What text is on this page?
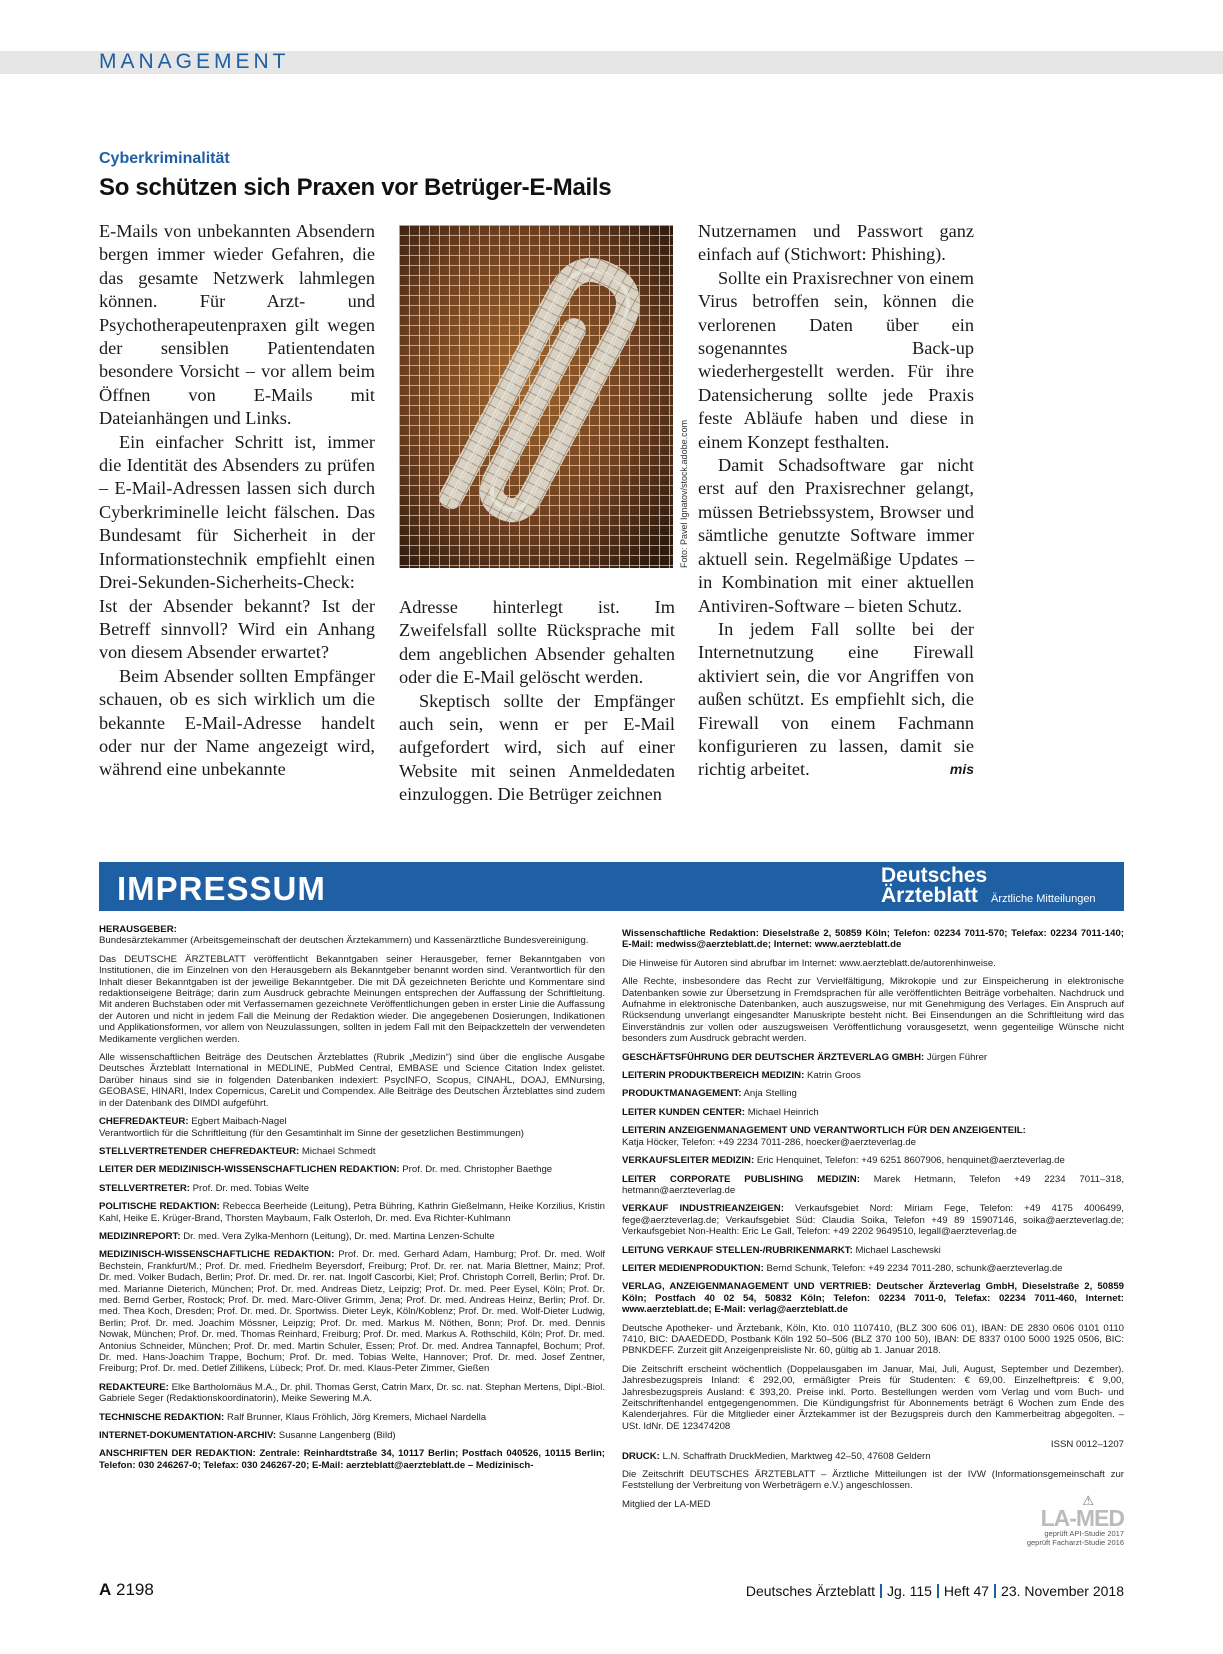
MANAGEMENT
Cyberkriminalität
So schützen sich Praxen vor Betrüger-E-Mails

E-Mails von unbekannten Absendern bergen immer wieder Gefahren, die das gesamte Netzwerk lahmlegen können. Für Arzt- und Psychotherapeutenpraxen gilt wegen der sensiblen Patientendaten besondere Vorsicht – vor allem beim Öffnen von E-Mails mit Dateianhängen und Links.

Ein einfacher Schritt ist, immer die Identität des Absenders zu prüfen – E-Mail-Adressen lassen sich durch Cyberkriminelle leicht fälschen. Das Bundesamt für Sicherheit in der Informationstechnik empfiehlt einen Drei-Sekunden-Sicherheits-Check: Ist der Absender bekannt? Ist der Betreff sinnvoll? Wird ein Anhang von diesem Absender erwartet?

Beim Absender sollten Empfänger schauen, ob es sich wirklich um die bekannte E-Mail-Adresse handelt oder nur der Name angezeigt wird, während eine unbekannte

Foto: Pavel Ignatov/stock.adobe.com

Adresse hinterlegt ist. Im Zweifelsfall sollte Rücksprache mit dem angeblichen Absender gehalten oder die E-Mail gelöscht werden.

Skeptisch sollte der Empfänger auch sein, wenn er per E-Mail aufgefordert wird, sich auf einer Website mit seinen Anmeldedaten einzuloggen. Die Betrüger zeichnen

Nutzernamen und Passwort ganz einfach auf (Stichwort: Phishing).

Sollte ein Praxisrechner von einem Virus betroffen sein, können die verlorenen Daten über ein sogenanntes Back-up wiederhergestellt werden. Für ihre Datensicherung sollte jede Praxis feste Abläufe haben und diese in einem Konzept festhalten.

Damit Schadsoftware gar nicht erst auf den Praxisrechner gelangt, müssen Betriebssystem, Browser und sämtliche genutzte Software immer aktuell sein. Regelmäßige Updates – in Kombination mit einer aktuellen Antiviren-Software – bieten Schutz.

In jedem Fall sollte bei der Internetnutzung eine Firewall aktiviert sein, die vor Angriffen von außen schützt. Es empfiehlt sich, die Firewall von einem Fachmann konfigurieren zu lassen, damit sie richtig arbeitet.	mis

IMPRESSUM	Deutsches
Ärzteblatt	Ärztliche Mitteilungen

HERAUSGEBER:
Bundesärztekammer (Arbeitsgemeinschaft der deutschen Ärztekammern) und Kassenärztliche Bundesvereinigung.

Das DEUTSCHE ÄRZTEBLATT veröffentlicht Bekanntgaben seiner Herausgeber, ferner Bekanntgaben von Institutionen, die im Einzelnen von den Herausgebern als Bekanntgeber benannt worden sind. Verantwortlich für den Inhalt dieser Bekanntgaben ist der jeweilige Bekanntgeber. Die mit DÄ gezeichneten Berichte und Kommentare sind redaktionseigene Beiträge; darin zum Ausdruck gebrachte Meinungen entsprechen der Auffassung der Schriftleitung. Mit anderen Buchstaben oder mit Verfassernamen gezeichnete Veröffentlichungen geben in erster Linie die Auffassung der Autoren und nicht in jedem Fall die Meinung der Redaktion wieder. Die angegebenen Dosierungen, Indikationen und Applikationsformen, vor allem von Neuzulassungen, sollten in jedem Fall mit den Beipackzetteln der verwendeten Medikamente verglichen werden.

Alle wissenschaftlichen Beiträge des Deutschen Ärzteblattes (Rubrik „Medizin“) sind über die englische Ausgabe Deutsches Ärzteblatt International in MEDLINE, PubMed Central, EMBASE und Science Citation Index gelistet. Darüber hinaus sind sie in folgenden Datenbanken indexiert: PsycINFO, Scopus, CINAHL, DOAJ, EMNursing, GEOBASE, HINARI, Index Copernicus, CareLit und Compendex. Alle Beiträge des Deutschen Ärzteblattes sind zudem in der Datenbank des DIMDI aufgeführt.

CHEFREDAKTEUR: Egbert Maibach-Nagel
Verantwortlich für die Schriftleitung (für den Gesamtinhalt im Sinne der gesetzlichen Bestimmungen)

STELLVERTRETENDER CHEFREDAKTEUR: Michael Schmedt

LEITER DER MEDIZINISCH-WISSENSCHAFTLICHEN REDAKTION: Prof. Dr. med. Christopher Baethge

STELLVERTRETER: Prof. Dr. med. Tobias Welte

POLITISCHE REDAKTION: Rebecca Beerheide (Leitung), Petra Bühring, Kathrin Gießelmann, Heike Korzilius, Kristin Kahl, Heike E. Krüger-Brand, Thorsten Maybaum, Falk Osterloh, Dr. med. Eva Richter-Kuhlmann

MEDIZINREPORT: Dr. med. Vera Zylka-Menhorn (Leitung), Dr. med. Martina Lenzen-Schulte

MEDIZINISCH-WISSENSCHAFTLICHE REDAKTION: Prof. Dr. med. Gerhard Adam, Hamburg; Prof. Dr. med. Wolf Bechstein, Frankfurt/M.; Prof. Dr. med. Friedhelm Beyersdorf, Freiburg; Prof. Dr. rer. nat. Maria Blettner, Mainz; Prof. Dr. med. Volker Budach, Berlin; Prof. Dr. med. Dr. rer. nat. Ingolf Cascorbi, Kiel; Prof. Christoph Correll, Berlin; Prof. Dr. med. Marianne Dieterich, München; Prof. Dr. med. Andreas Dietz, Leipzig; Prof. Dr. med. Peer Eysel, Köln; Prof. Dr. med. Bernd Gerber, Rostock; Prof. Dr. med. Marc-Oliver Grimm, Jena; Prof. Dr. med. Andreas Heinz, Berlin; Prof. Dr. med. Thea Koch, Dresden; Prof. Dr. med. Dr. Sportwiss. Dieter Leyk, Köln/Koblenz; Prof. Dr. med. Wolf-Dieter Ludwig, Berlin; Prof. Dr. med. Joachim Mössner, Leipzig; Prof. Dr. med. Markus M. Nöthen, Bonn; Prof. Dr. med. Dennis Nowak, München; Prof. Dr. med. Thomas Reinhard, Freiburg; Prof. Dr. med. Markus A. Rothschild, Köln; Prof. Dr. med. Antonius Schneider, München; Prof. Dr. med. Martin Schuler, Essen; Prof. Dr. med. Andrea Tannapfel, Bochum; Prof. Dr. med. Hans-Joachim Trappe, Bochum; Prof. Dr. med. Tobias Welte, Hannover; Prof. Dr. med. Josef Zentner, Freiburg; Prof. Dr. med. Detlef Zillikens, Lübeck; Prof. Dr. med. Klaus-Peter Zimmer, Gießen

REDAKTEURE: Elke Bartholomäus M.A., Dr. phil. Thomas Gerst, Catrin Marx, Dr. sc. nat. Stephan Mertens, Dipl.-Biol. Gabriele Seger (Redaktionskoordinatorin), Meike Sewering M.A.

TECHNISCHE REDAKTION: Ralf Brunner, Klaus Fröhlich, Jörg Kremers, Michael Nardella

INTERNET-DOKUMENTATION-ARCHIV: Susanne Langenberg (Bild)

ANSCHRIFTEN DER REDAKTION: Zentrale: Reinhardtstraße 34, 10117 Berlin; Postfach 040526, 10115 Berlin; Telefon: 030 246267-0; Telefax: 030 246267-20; E-Mail: aerzteblatt@aerzteblatt.de – Medizinisch-

Wissenschaftliche Redaktion: Dieselstraße 2, 50859 Köln; Telefon: 02234 7011-570; Telefax: 02234 7011-140; E-Mail: medwiss@aerzteblatt.de; Internet: www.aerzteblatt.de

Die Hinweise für Autoren sind abrufbar im Internet: www.aerzteblatt.de/autorenhinweise.

Alle Rechte, insbesondere das Recht zur Vervielfältigung, Mikrokopie und zur Einspeicherung in elektronische Datenbanken sowie zur Übersetzung in Fremdsprachen für alle veröffentlichten Beiträge vorbehalten. Nachdruck und Aufnahme in elektronische Datenbanken, auch auszugsweise, nur mit Genehmigung des Verlages. Ein Anspruch auf Rücksendung unverlangt eingesandter Manuskripte besteht nicht. Bei Einsendungen an die Schriftleitung wird das Einverständnis zur vollen oder auszugsweisen Veröffentlichung vorausgesetzt, wenn gegenteilige Wünsche nicht besonders zum Ausdruck gebracht werden.

GESCHÄFTSFÜHRUNG DER DEUTSCHER ÄRZTEVERLAG GMBH: Jürgen Führer

LEITERIN PRODUKTBEREICH MEDIZIN: Katrin Groos

PRODUKTMANAGEMENT: Anja Stelling

LEITER KUNDEN CENTER: Michael Heinrich

LEITERIN ANZEIGENMANAGEMENT UND VERANTWORTLICH FÜR DEN ANZEIGENTEIL:
Katja Höcker, Telefon: +49 2234 7011-286, hoecker@aerzteverlag.de

VERKAUFSLEITER MEDIZIN: Eric Henquinet, Telefon: +49 6251 8607906, henquinet@aerzteverlag.de

LEITER CORPORATE PUBLISHING MEDIZIN: Marek Hetmann, Telefon +49 2234 7011–318, hetmann@aerzteverlag.de

VERKAUF INDUSTRIEANZEIGEN: Verkaufsgebiet Nord: Miriam Fege, Telefon: +49 4175 4006499, fege@aerzteverlag.de; Verkaufsgebiet Süd: Claudia Soika, Telefon +49 89 15907146, soika@aerzteverlag.de; Verkaufsgebiet Non-Health: Eric Le Gall, Telefon: +49 2202 9649510, legall@aerzteverlag.de

LEITUNG VERKAUF STELLEN-/RUBRIKENMARKT: Michael Laschewski

LEITER MEDIENPRODUKTION: Bernd Schunk, Telefon: +49 2234 7011-280, schunk@aerzteverlag.de

VERLAG, ANZEIGENMANAGEMENT UND VERTRIEB: Deutscher Ärzteverlag GmbH, Dieselstraße 2, 50859 Köln; Postfach 40 02 54, 50832 Köln; Telefon: 02234 7011-0, Telefax: 02234 7011-460, Internet: www.aerzteblatt.de; E-Mail: verlag@aerzteblatt.de

Deutsche Apotheker- und Ärztebank, Köln, Kto. 010 1107410, (BLZ 300 606 01), IBAN: DE 2830 0606 0101 0110 7410, BIC: DAAEDEDD, Postbank Köln 192 50–506 (BLZ 370 100 50), IBAN: DE 8337 0100 5000 1925 0506, BIC: PBNKDEFF. Zurzeit gilt Anzeigenpreisliste Nr. 60, gültig ab 1. Januar 2018.

Die Zeitschrift erscheint wöchentlich (Doppelausgaben im Januar, Mai, Juli, August, September und Dezember). Jahresbezugspreis Inland: € 292,00, ermäßigter Preis für Studenten: € 69,00. Einzelheftpreis: € 9,00, Jahresbezugspreis Ausland: € 393,20. Preise inkl. Porto. Bestellungen werden vom Verlag und vom Buch- und Zeitschriftenhandel entgegengenommen. Die Kündigungsfrist für Abonnements beträgt 6 Wochen zum Ende des Kalenderjahres. Für die Mitglieder einer Ärztekammer ist der Bezugspreis durch den Kammerbeitrag abgegolten. – USt. IdNr. DE 123474208

ISSN 0012–1207

DRUCK: L.N. Schaffrath DruckMedien, Marktweg 42–50, 47608 Geldern

Die Zeitschrift DEUTSCHES ÄRZTEBLATT – Ärztliche Mitteilungen ist der IVW (Informationsgemeinschaft zur Feststellung der Verbreitung von Werbeträgern e.V.) angeschlossen.

Mitglied der LA-MED	⚠
LA-MED
geprüft API-Studie 2017
geprüft Facharzt-Studie 2016
A 2198	Deutsches Ärzteblatt Jg. 115 Heft 47 23. November 2018
